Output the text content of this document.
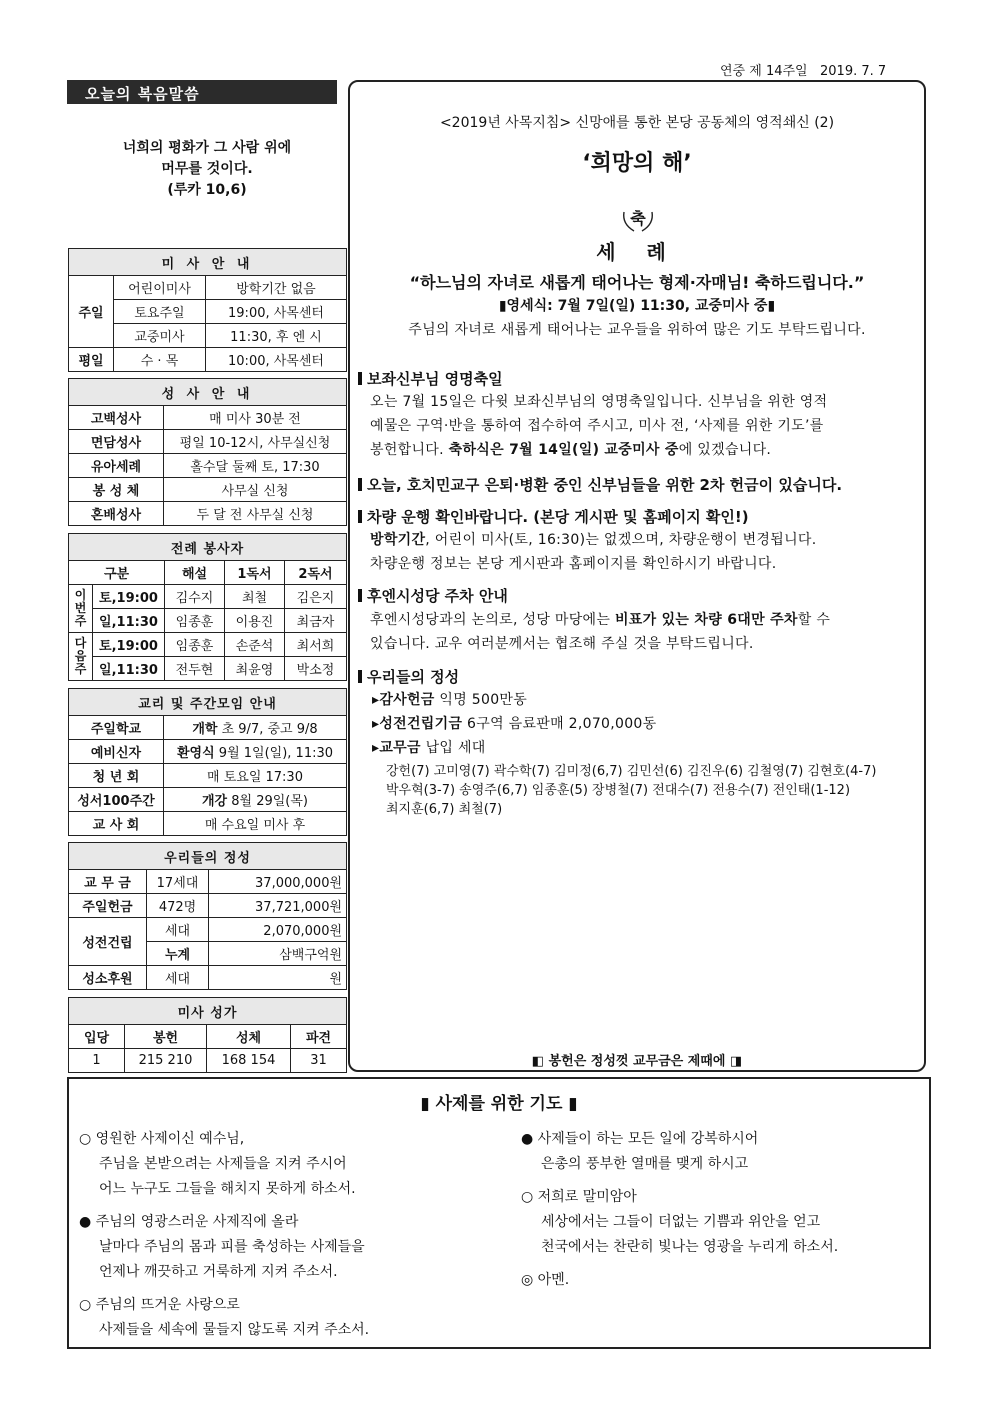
연중 제 14주일 2019. 7. 7
오늘의 복음말씀
너희의 평화가 그 사람 위에
머무를 것이다.
(루카 10,6)
미 사 안 내		
주일	어린이미사	방학기간 없음
	토요주일	19:00, 사목센터
	교중미사	11:30, 후 엔 시
평일	수 · 목	10:00, 사목센터
성 사 안 내	
고백성사	매 미사 30분 전
면담성사	평일 10-12시, 사무실신청
유아세례	홀수달 둘째 토, 17:30
봉 성 체	사무실 신청
혼배성사	두 달 전 사무실 신청
전례 봉사자				
구분		해설	1독서	2독서
이번주	토,19:00	김수지	최철	김은지
	일,11:30	임종훈	이용진	최금자
다음주	토,19:00	임종훈	손준석	최서희
	일,11:30	전두현	최윤영	박소정
교리 및 주간모임 안내	
주일학교	개학 초 9/7, 중고 9/8
예비신자	환영식 9월 1일(일), 11:30
청 년 회	매 토요일 17:30
성서100주간	개강 8월 29일(목)
교 사 회	매 수요일 미사 후
우리들의 정성		
교 무 금	17세대	37,000,000원
주일헌금	472명	37,721,000원
성전건립	세대	2,070,000원
	누계	삼백구억원
성소후원	세대	원
미사 성가			
입당	봉헌	성체	파견
1	215 210	168 154	31
<2019년 사목지침> 신망애를 통한 본당 공동체의 영적쇄신 (2)
‘희망의 해’
축
세 례
“하느님의 자녀로 새롭게 태어나는 형제·자매님! 축하드립니다.”
▮영세식: 7월 7일(일) 11:30, 교중미사 중▮
주님의 자녀로 새롭게 태어나는 교우들을 위하여 많은 기도 부탁드립니다.
보좌신부님 영명축일
오는 7월 15일은 다윗 보좌신부님의 영명축일입니다. 신부님을 위한 영적
예물은 구역·반을 통하여 접수하여 주시고, 미사 전, ‘사제를 위한 기도’를
봉헌합니다. 축하식은 7월 14일(일) 교중미사 중에 있겠습니다.
오늘, 호치민교구 은퇴·병환 중인 신부님들을 위한 2차 헌금이 있습니다.
차량 운행 확인바랍니다. (본당 게시판 및 홈페이지 확인!)
방학기간, 어린이 미사(토, 16:30)는 없겠으며, 차량운행이 변경됩니다.
차량운행 정보는 본당 게시판과 홈페이지를 확인하시기 바랍니다.
후엔시성당 주차 안내
후엔시성당과의 논의로, 성당 마당에는 비표가 있는 차량 6대만 주차할 수
있습니다. 교우 여러분께서는 협조해 주실 것을 부탁드립니다.
우리들의 정성
▸감사헌금 익명 500만동
▸성전건립기금 6구역 음료판매 2,070,000동
▸교무금 납입 세대
강헌(7) 고미영(7) 곽수학(7) 김미정(6,7) 김민선(6) 김진우(6) 김철영(7) 김현호(4-7)
박우혁(3-7) 송영주(6,7) 임종훈(5) 장병철(7) 전대수(7) 전용수(7) 전인태(1-12)
최지훈(6,7) 최철(7)
◧ 봉헌은 정성껏 교무금은 제때에 ◨
▮ 사제를 위한 기도 ▮
○ 영원한 사제이신 예수님,
주님을 본받으려는 사제들을 지켜 주시어
어느 누구도 그들을 해치지 못하게 하소서.
● 주님의 영광스러운 사제직에 올라
날마다 주님의 몸과 피를 축성하는 사제들을
언제나 깨끗하고 거룩하게 지켜 주소서.
○ 주님의 뜨거운 사랑으로
사제들을 세속에 물들지 않도록 지켜 주소서.
● 사제들이 하는 모든 일에 강복하시어
은총의 풍부한 열매를 맺게 하시고
○ 저희로 말미암아
세상에서는 그들이 더없는 기쁨과 위안을 얻고
천국에서는 찬란히 빛나는 영광을 누리게 하소서.
◎ 아멘.
